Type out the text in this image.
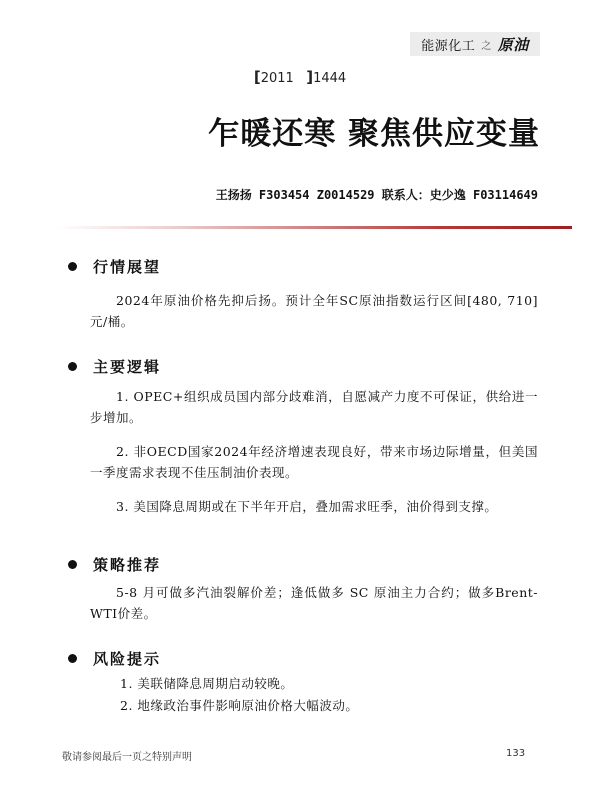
能源化工 之 原油
[2011 ]1444
乍暖还寒 聚焦供应变量
王扬扬 F303454 Z0014529 联系人：史少逸 F03114649
行情展望

2024年原油价格先抑后扬。预计全年SC原油指数运行区间[480, 710]元/桶。

主要逻辑

1. OPEC+组织成员国内部分歧难消，自愿减产力度不可保证，供给进一步增加。

2. 非OECD国家2024年经济增速表现良好，带来市场边际增量，但美国一季度需求表现不佳压制油价表现。

3. 美国降息周期或在下半年开启，叠加需求旺季，油价得到支撑。

策略推荐

5-8 月可做多汽油裂解价差；逢低做多 SC 原油主力合约；做多Brent-WTI价差。

风险提示
1. 美联储降息周期启动较晚。
2. 地缘政治事件影响原油价格大幅波动。
敬请参阅最后一页之特别声明	133
